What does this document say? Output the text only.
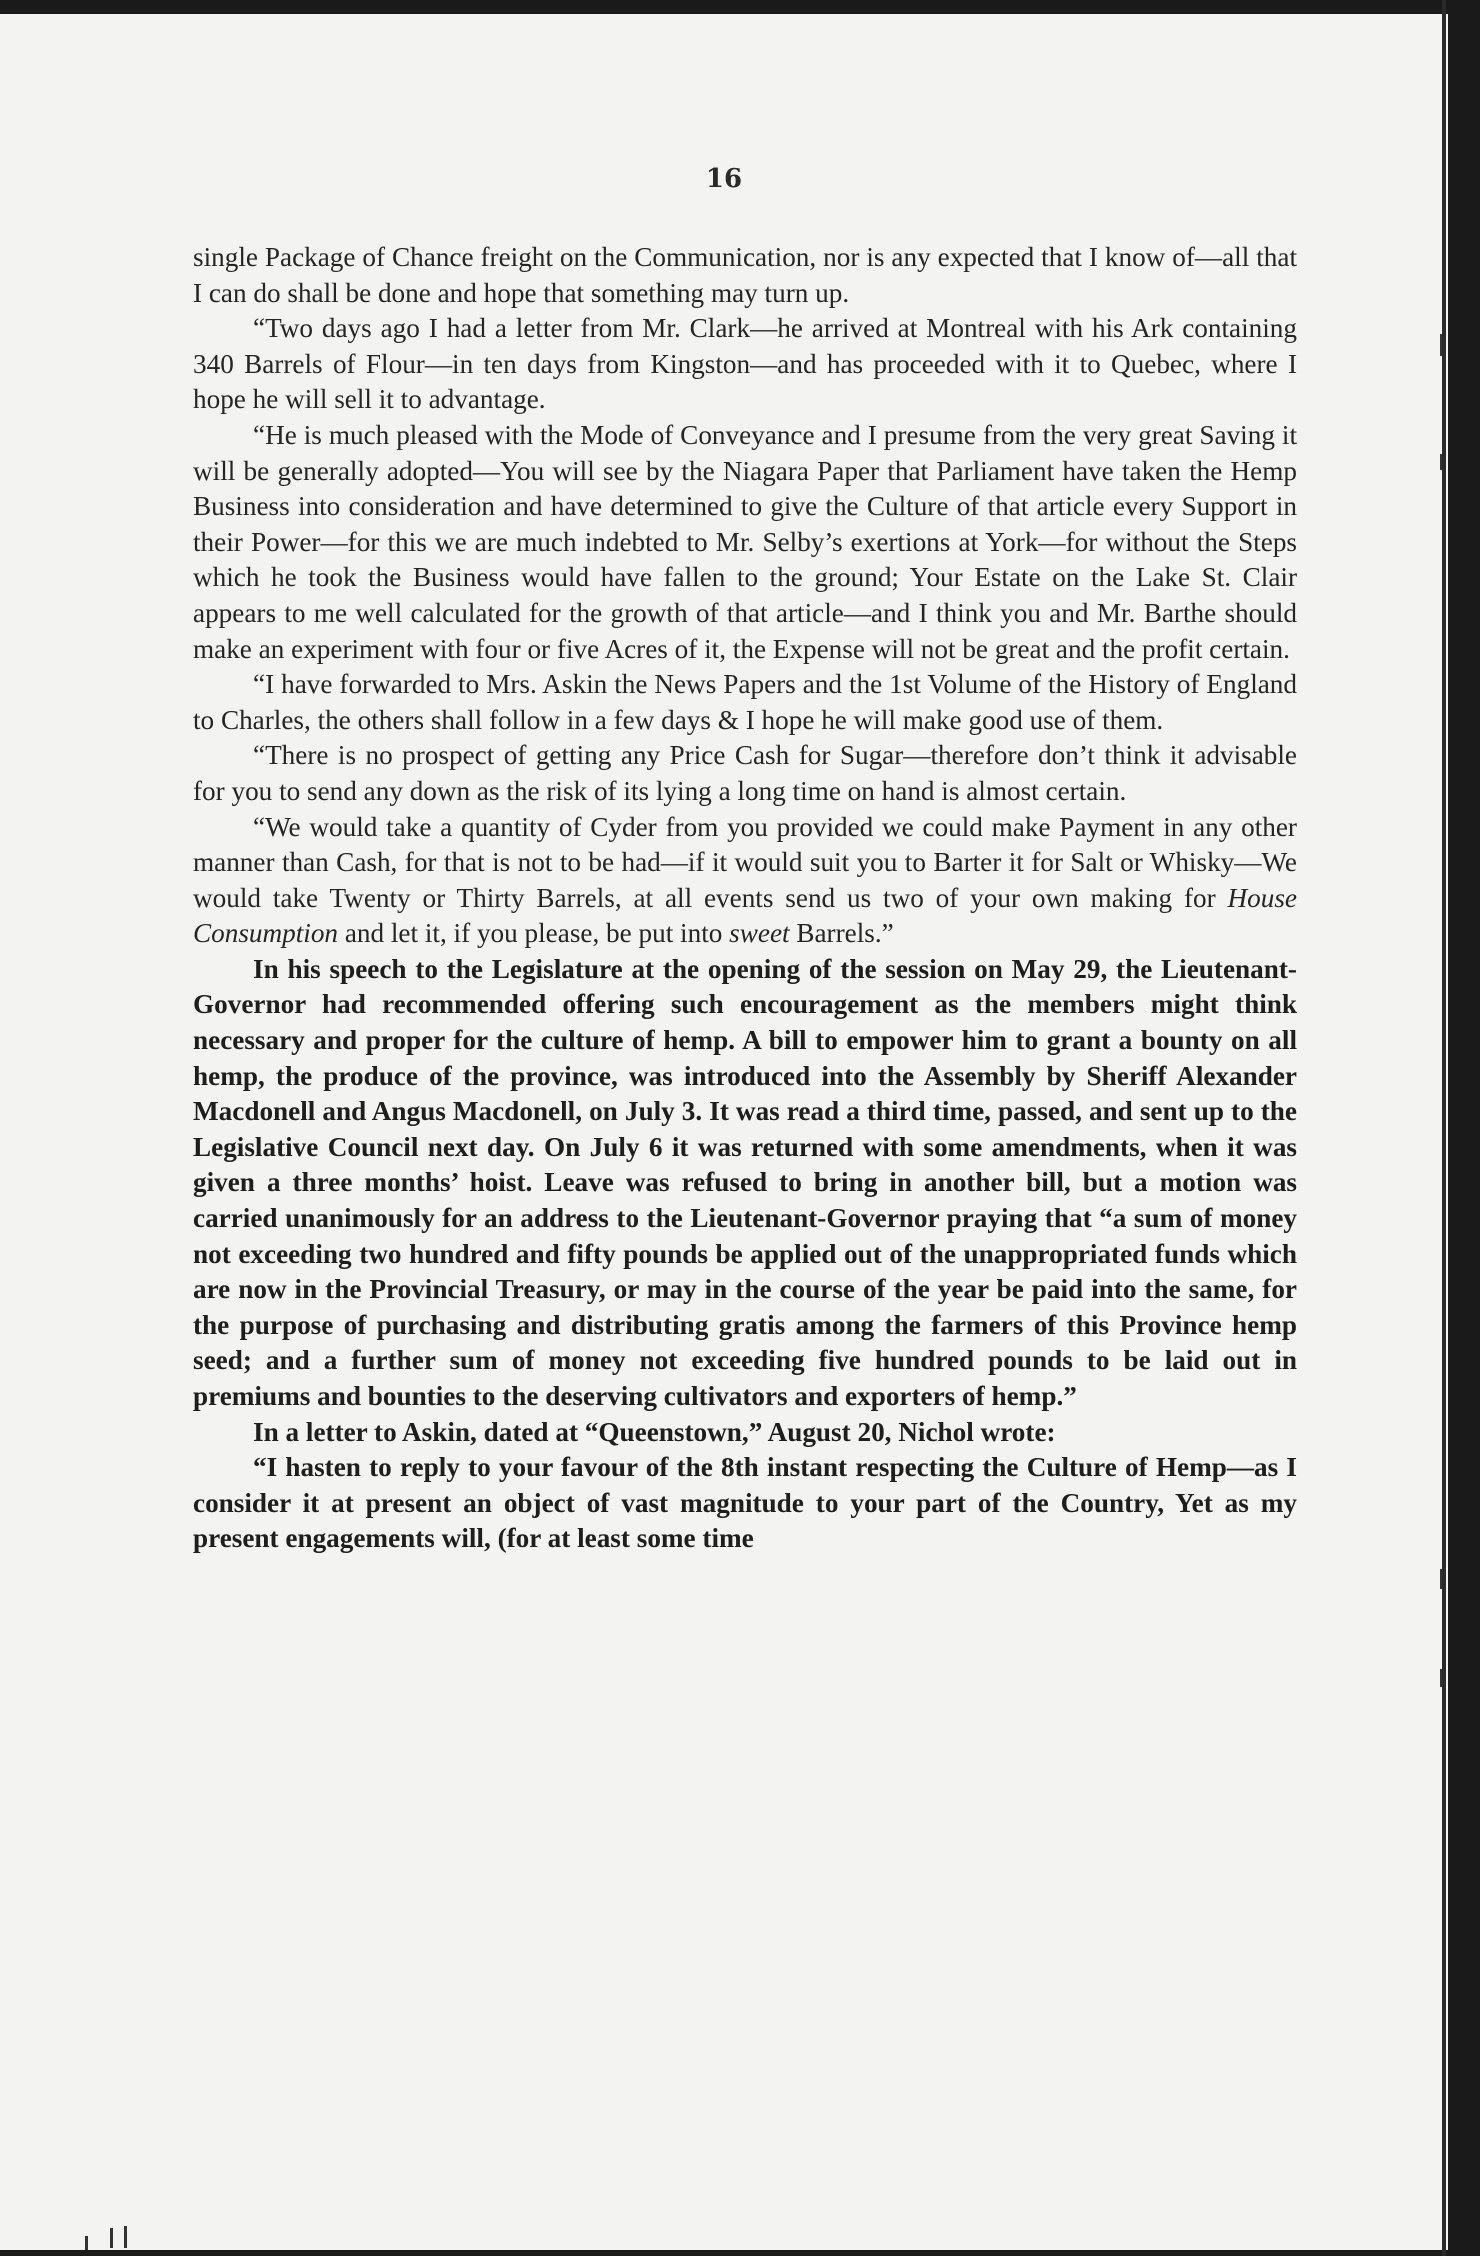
16

single Package of Chance freight on the Communication, nor is any expected that I know of—all that I can do shall be done and hope that something may turn up.

“Two days ago I had a letter from Mr. Clark—he arrived at Montreal with his Ark containing 340 Barrels of Flour—in ten days from Kingston—and has proceeded with it to Quebec, where I hope he will sell it to advantage.

“He is much pleased with the Mode of Conveyance and I presume from the very great Saving it will be generally adopted—You will see by the Niagara Paper that Parliament have taken the Hemp Business into consideration and have determined to give the Culture of that article every Support in their Power—for this we are much indebted to Mr. Selby’s exertions at York—for without the Steps which he took the Business would have fallen to the ground; Your Estate on the Lake St. Clair appears to me well calculated for the growth of that article—and I think you and Mr. Barthe should make an experiment with four or five Acres of it, the Expense will not be great and the profit certain.

“I have forwarded to Mrs. Askin the News Papers and the 1st Volume of the History of England to Charles, the others shall follow in a few days & I hope he will make good use of them.

“There is no prospect of getting any Price Cash for Sugar—therefore don’t think it advisable for you to send any down as the risk of its lying a long time on hand is almost certain.

“We would take a quantity of Cyder from you provided we could make Payment in any other manner than Cash, for that is not to be had—if it would suit you to Barter it for Salt or Whisky—We would take Twenty or Thirty Barrels, at all events send us two of your own making for House Consumption and let it, if you please, be put into sweet Barrels.”

In his speech to the Legislature at the opening of the session on May 29, the Lieutenant-Governor had recommended offering such encouragement as the members might think necessary and proper for the culture of hemp. A bill to empower him to grant a bounty on all hemp, the produce of the province, was introduced into the Assembly by Sheriff Alexander Macdonell and Angus Macdonell, on July 3. It was read a third time, passed, and sent up to the Legislative Council next day. On July 6 it was returned with some amendments, when it was given a three months’ hoist. Leave was refused to bring in another bill, but a motion was carried unanimously for an address to the Lieutenant-Governor praying that “a sum of money not exceeding two hundred and fifty pounds be applied out of the unappropriated funds which are now in the Provincial Treasury, or may in the course of the year be paid into the same, for the purpose of purchasing and distributing gratis among the farmers of this Province hemp seed; and a further sum of money not exceeding five hundred pounds to be laid out in premiums and bounties to the deserving cultivators and exporters of hemp.”

In a letter to Askin, dated at “Queenstown,” August 20, Nichol wrote:

“I hasten to reply to your favour of the 8th instant respecting the Culture of Hemp—as I consider it at present an object of vast magnitude to your part of the Country, Yet as my present engagements will, (for at least some time
